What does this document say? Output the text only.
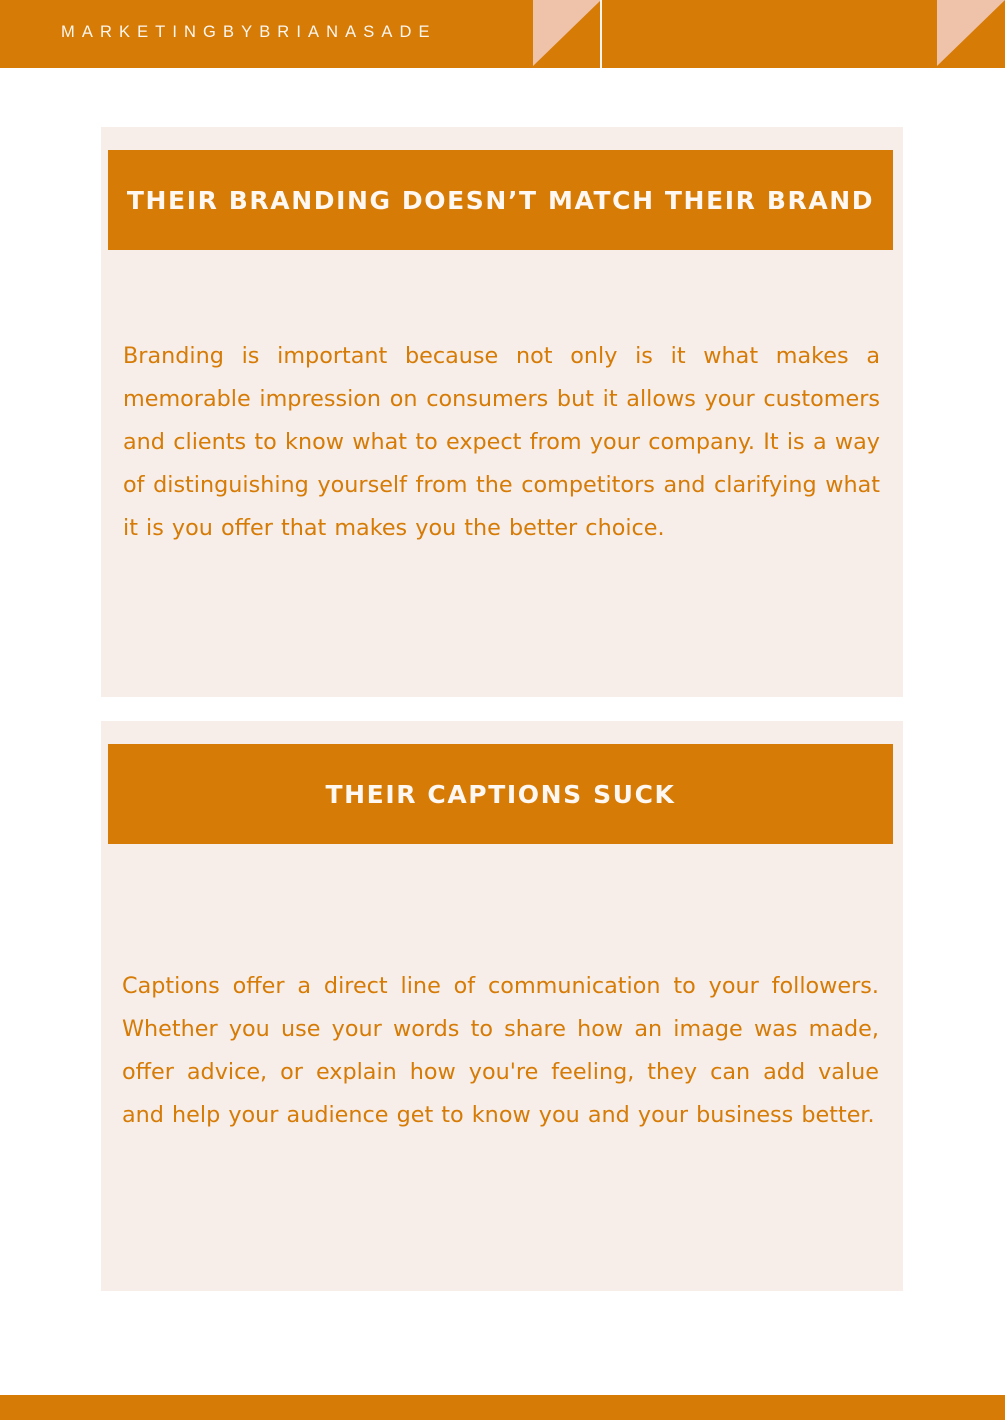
MARKETINGBYBRIANASADE
THEIR BRANDING DOESN’T MATCH THEIR BRAND

Branding is important because not only is it what makes a memorable impression on consumers but it allows your customers and clients to know what to expect from your company. It is a way of distinguishing yourself from the competitors and clarifying what it is you offer that makes you the better choice.

THEIR CAPTIONS SUCK

Captions offer a direct line of communication to your followers. Whether you use your words to share how an image was made, offer advice, or explain how you're feeling, they can add value and help your audience get to know you and your business better.
